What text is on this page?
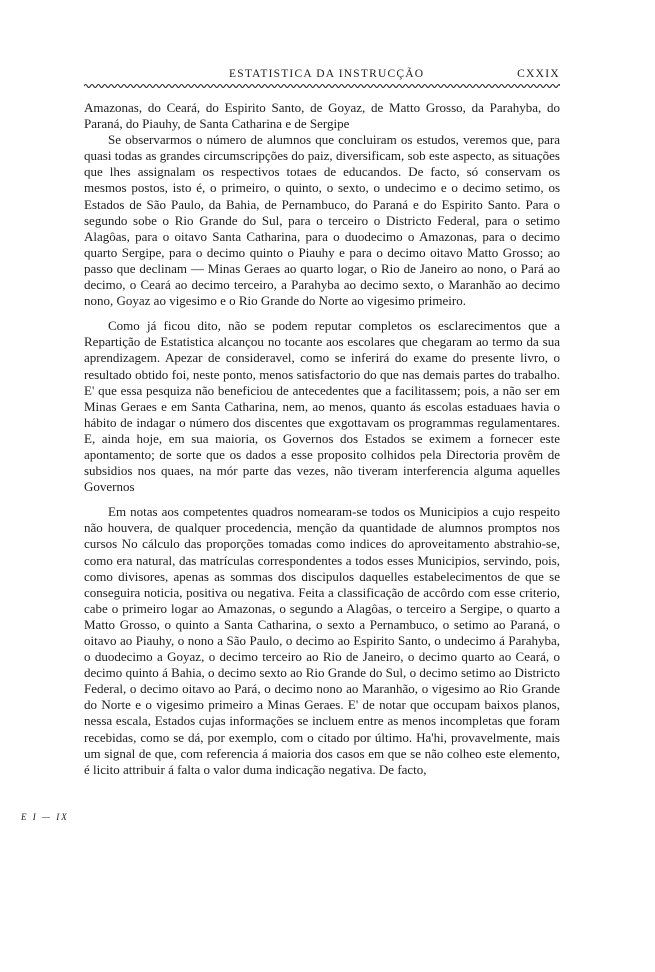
ESTATISTICA DA INSTRUCÇÃO	CXXIX

Amazonas, do Ceará, do Espirito Santo, de Goyaz, de Matto Grosso, da Parahyba, do Paraná, do Piauhy, de Santa Catharina e de Sergipe

Se observarmos o número de alumnos que concluiram os estudos, veremos que, para quasi todas as grandes circumscripções do paiz, diversificam, sob este aspecto, as situações que lhes assignalam os respectivos totaes de educandos. De facto, só conservam os mesmos postos, isto é, o primeiro, o quinto, o sexto, o undecimo e o decimo setimo, os Estados de São Paulo, da Bahia, de Pernambuco, do Paraná e do Espirito Santo. Para o segundo sobe o Rio Grande do Sul, para o terceiro o Districto Federal, para o setimo Alagôas, para o oitavo Santa Catharina, para o duodecimo o Amazonas, para o decimo quarto Sergipe, para o decimo quinto o Piauhy e para o decimo oitavo Matto Grosso; ao passo que declinam — Minas Geraes ao quarto logar, o Rio de Janeiro ao nono, o Pará ao decimo, o Ceará ao decimo terceiro, a Parahyba ao decimo sexto, o Maranhão ao decimo nono, Goyaz ao vigesimo e o Rio Grande do Norte ao vigesimo primeiro.

Como já ficou dito, não se podem reputar completos os esclarecimentos que a Repartição de Estatistica alcançou no tocante aos escolares que chegaram ao termo da sua aprendizagem. Apezar de consideravel, como se inferirá do exame do presente livro, o resultado obtido foi, neste ponto, menos satisfactorio do que nas demais partes do trabalho. E' que essa pesquiza não beneficiou de antecedentes que a facilitassem; pois, a não ser em Minas Geraes e em Santa Catharina, nem, ao menos, quanto ás escolas estaduaes havia o hábito de indagar o número dos discentes que exgottavam os programmas regulamentares. E, ainda hoje, em sua maioria, os Governos dos Estados se eximem a fornecer este apontamento; de sorte que os dados a esse proposito colhidos pela Directoria provêm de subsidios nos quaes, na mór parte das vezes, não tiveram interferencia alguma aquelles Governos

Em notas aos competentes quadros nomearam-se todos os Municipios a cujo respeito não houvera, de qualquer procedencia, menção da quantidade de alumnos promptos nos cursos No cálculo das proporções tomadas como indices do aproveitamento abstrahio-se, como era natural, das matrículas correspondentes a todos esses Municipios, servindo, pois, como divisores, apenas as sommas dos discipulos daquelles estabelecimentos de que se conseguira noticia, positiva ou negativa. Feita a classificação de accôrdo com esse criterio, cabe o primeiro logar ao Amazonas, o segundo a Alagôas, o terceiro a Sergipe, o quarto a Matto Grosso, o quinto a Santa Catharina, o sexto a Pernambuco, o setimo ao Paraná, o oitavo ao Piauhy, o nono a São Paulo, o decimo ao Espirito Santo, o undecimo á Parahyba, o duodecimo a Goyaz, o decimo terceiro ao Rio de Janeiro, o decimo quarto ao Ceará, o decimo quinto á Bahia, o decimo sexto ao Rio Grande do Sul, o decimo setimo ao Districto Federal, o decimo oitavo ao Pará, o decimo nono ao Maranhão, o vigesimo ao Rio Grande do Norte e o vigesimo primeiro a Minas Geraes. E' de notar que occupam baixos planos, nessa escala, Estados cujas informações se incluem entre as menos incompletas que foram recebidas, como se dá, por exemplo, com o citado por último. Ha'hi, provavelmente, mais um signal de que, com referencia á maioria dos casos em que se não colheo este elemento, é licito attribuir á falta o valor duma indicação negativa. De facto,

E I — IX
